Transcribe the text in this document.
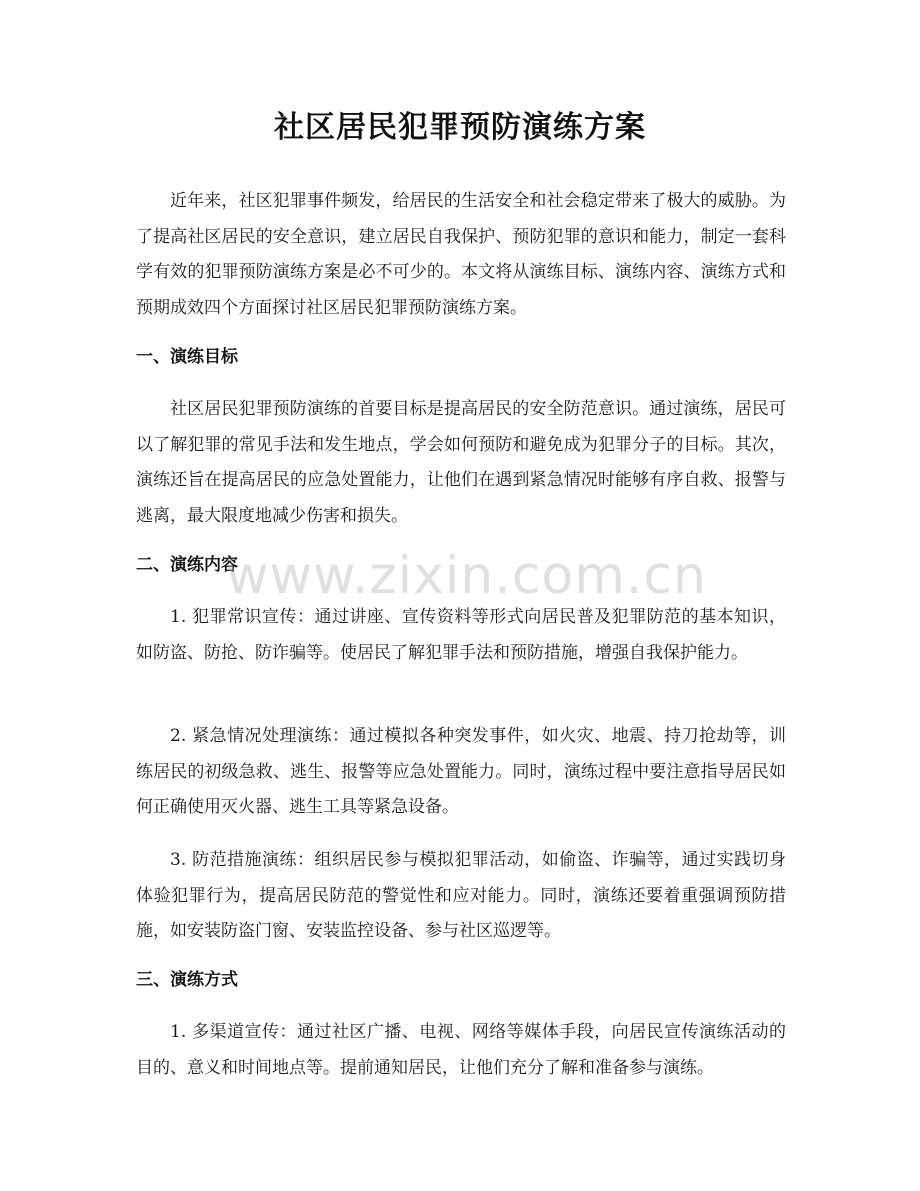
社区居民犯罪预防演练方案

近年来，社区犯罪事件频发，给居民的生活安全和社会稳定带来了极大的威胁。为了提高社区居民的安全意识，建立居民自我保护、预防犯罪的意识和能力，制定一套科学有效的犯罪预防演练方案是必不可少的。本文将从演练目标、演练内容、演练方式和预期成效四个方面探讨社区居民犯罪预防演练方案。

一、演练目标

社区居民犯罪预防演练的首要目标是提高居民的安全防范意识。通过演练，居民可以了解犯罪的常见手法和发生地点，学会如何预防和避免成为犯罪分子的目标。其次，演练还旨在提高居民的应急处置能力，让他们在遇到紧急情况时能够有序自救、报警与逃离，最大限度地减少伤害和损失。

二、演练内容

1. 犯罪常识宣传：通过讲座、宣传资料等形式向居民普及犯罪防范的基本知识，如防盗、防抢、防诈骗等。使居民了解犯罪手法和预防措施，增强自我保护能力。

2. 紧急情况处理演练：通过模拟各种突发事件，如火灾、地震、持刀抢劫等，训练居民的初级急救、逃生、报警等应急处置能力。同时，演练过程中要注意指导居民如何正确使用灭火器、逃生工具等紧急设备。

3. 防范措施演练：组织居民参与模拟犯罪活动，如偷盗、诈骗等，通过实践切身体验犯罪行为，提高居民防范的警觉性和应对能力。同时，演练还要着重强调预防措施，如安装防盗门窗、安装监控设备、参与社区巡逻等。

三、演练方式

1. 多渠道宣传：通过社区广播、电视、网络等媒体手段，向居民宣传演练活动的目的、意义和时间地点等。提前通知居民，让他们充分了解和准备参与演练。

www.zixin.com.cn
